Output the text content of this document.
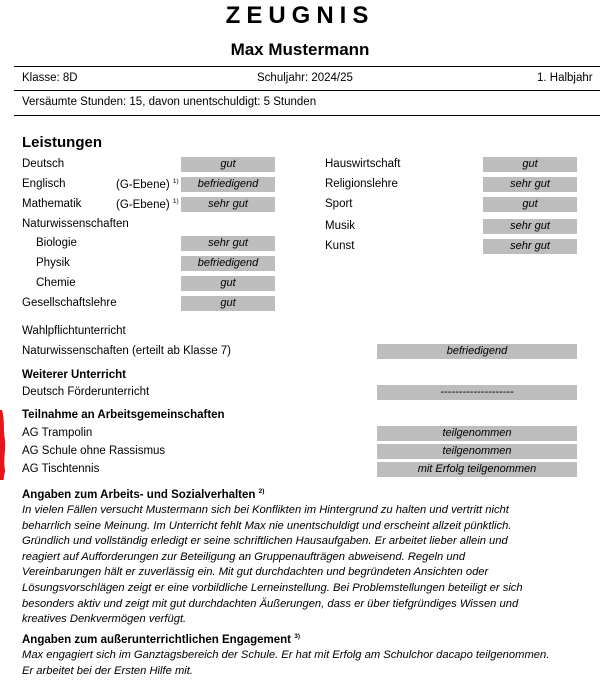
ZEUGNIS
Max Mustermann
Klasse: 8D	Schuljahr: 2024/25	1. Halbjahr
Versäumte Stunden: 15, davon unentschuldigt: 5 Stunden
Leistungen
Deutsch	gut
Englisch	(G-Ebene) $^{1)}$	befriedigend
Mathematik	(G-Ebene) $^{1)}$	sehr gut
Naturwissenschaften
Biologie	sehr gut
Physik	befriedigend
Chemie	gut
Gesellschaftslehre	gut
Hauswirtschaft	gut
Religionslehre	sehr gut
Sport	gut
Musik	sehr gut
Kunst	sehr gut
Wahlpflichtunterricht
Naturwissenschaften (erteilt ab Klasse 7)	befriedigend
Weiterer Unterricht
Deutsch Förderunterricht	--------------------
Teilnahme an Arbeitsgemeinschaften
AG Trampolin	teilgenommen
AG Schule ohne Rassismus	teilgenommen
AG Tischtennis	mit Erfolg teilgenommen
Angaben zum Arbeits- und Sozialverhalten $^{2)}$
In vielen Fällen versucht Mustermann sich bei Konflikten im Hintergrund zu halten und vertritt nicht
beharrlich seine Meinung. Im Unterricht fehlt Max nie unentschuldigt und erscheint allzeit pünktlich.
Gründlich und vollständig erledigt er seine schriftlichen Hausaufgaben. Er arbeitet lieber allein und
reagiert auf Aufforderungen zur Beteiligung an Gruppenaufträgen abweisend. Regeln und
Vereinbarungen hält er zuverlässig ein. Mit gut durchdachten und begründeten Ansichten oder
Lösungsvorschlägen zeigt er eine vorbildliche Lerneinstellung. Bei Problemstellungen beteiligt er sich
besonders aktiv und zeigt mit gut durchdachten Äußerungen, dass er über tiefgründiges Wissen und
kreatives Denkvermögen verfügt.
Angaben zum außerunterrichtlichen Engagement $^{3)}$
Max engagiert sich im Ganztagsbereich der Schule. Er hat mit Erfolg am Schulchor dacapo teilgenommen.
Er arbeitet bei der Ersten Hilfe mit.
